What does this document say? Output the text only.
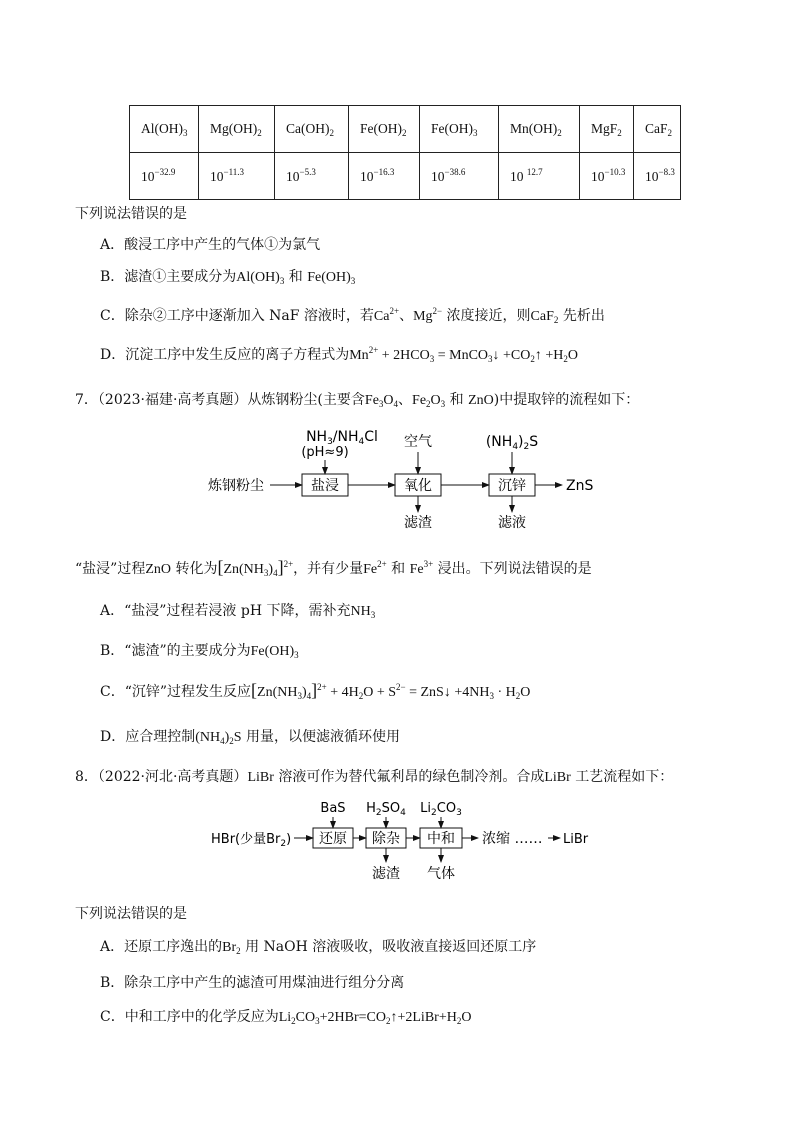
$Al(OH)_3$	$Mg(OH)_2$	$Ca(OH)_2$	$Fe(OH)_2$	$Fe(OH)_3$	$Mn(OH)_2$	MgF$_2$	CaF$_2$
$10^{-32.9}$	$10^{-11.3}$	$10^{-5.3}$	$10^{-16.3}$	$10^{-38.6}$	10 $^{12.7}$	$10^{-10.3}$	$10^{-8.3}$
下列说法错误的是
A．酸浸工序中产生的气体①为氯气
B．滤渣①主要成分为$Al(OH)_3$ 和 $Fe(OH)_3$
C．除杂②工序中逐渐加入 NaF 溶液时，若$Ca^{2+}$、$Mg^{2-}$ 浓度接近，则CaF$_2$ 先析出
D．沉淀工序中发生反应的离子方程式为$Mn^{2+} + 2HCO_3$ = MnCO$_3$↓ $+CO_2↑ +H_2O$
7．（2023·福建·高考真题）从炼钢粉尘(主要含$Fe_3O_4$、$Fe_2O_3$ 和 ZnO)中提取锌的流程如下：
$NH_3/NH_4Cl$
(pH≈9)
空气	$(NH_4)_2S$
炼钢粉尘	盐浸	氧化	沉锌	ZnS
滤渣	滤液
“盐浸”过程ZnO 转化为$[Zn(NH_3)_4]^{2+}$，并有少量$Fe^{2+}$ 和 $Fe^{3+}$ 浸出。下列说法错误的是
A．“盐浸”过程若浸液 pH 下降，需补充$NH_3$
B．“滤渣”的主要成分为$Fe(OH)_3$
C．“沉锌”过程发生反应$[Zn(NH_3)_4]^{2+} + 4H_2O + S^{2-}$ = ZnS↓ $+4NH_3 \cdot H_2O$
D．应合理控制$(NH_4)_2S$ 用量，以便滤液循环使用
8．（2022·河北·高考真题）LiBr 溶液可作为替代氟利昂的绿色制冷剂。合成LiBr 工艺流程如下：
BaS $H_2SO_4$ $Li_2CO_3$
HBr(少量$Br_2$) 还原 除杂 中和 浓缩 …… LiBr
滤渣 气体
下列说法错误的是
A．还原工序逸出的$Br_2$ 用 NaOH 溶液吸收，吸收液直接返回还原工序
B．除杂工序中产生的滤渣可用煤油进行组分分离
C．中和工序中的化学反应为$Li_2CO_3+2HBr=CO_2↑+2LiBr+H_2O$
